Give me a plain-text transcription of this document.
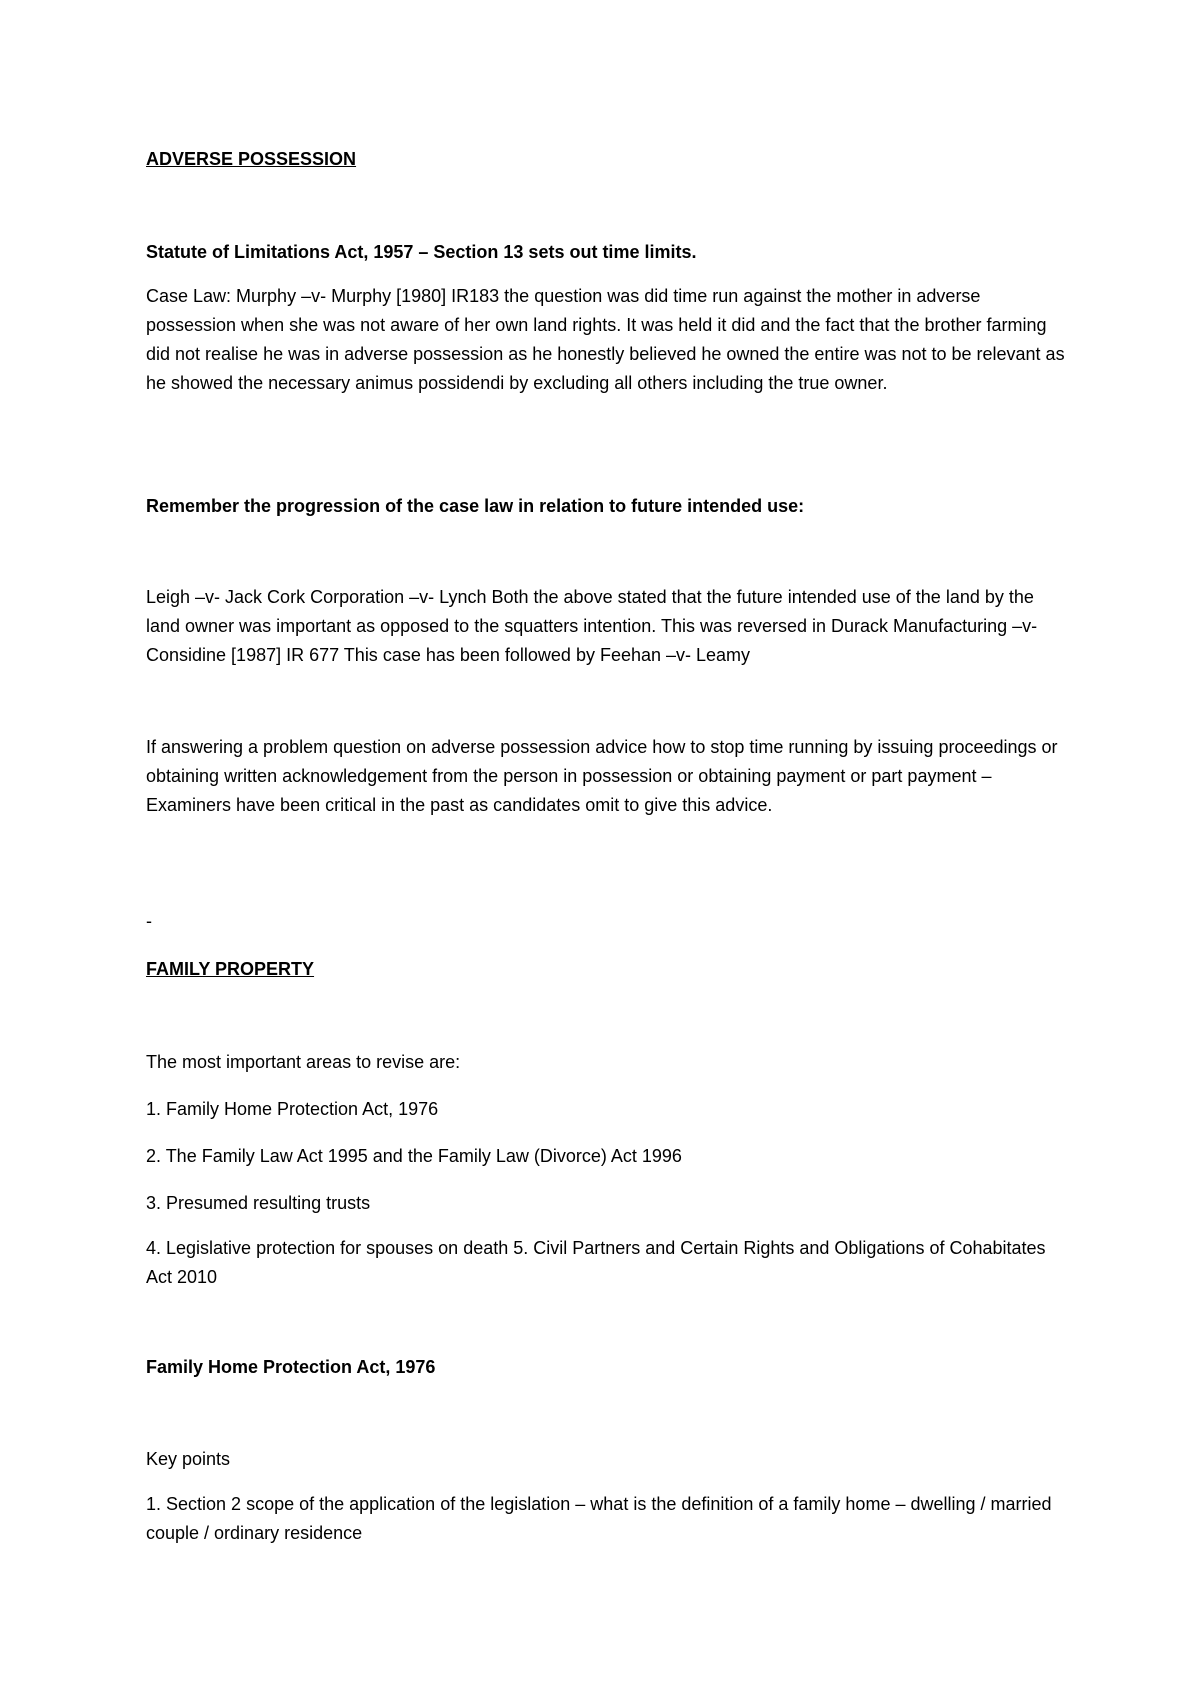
ADVERSE POSSESSION

Statute of Limitations Act, 1957 – Section 13 sets out time limits.

Case Law: Murphy –v- Murphy [1980] IR183 the question was did time run against the mother in adverse possession when she was not aware of her own land rights. It was held it did and the fact that the brother farming did not realise he was in adverse possession as he honestly believed he owned the entire was not to be relevant as he showed the necessary animus possidendi by excluding all others including the true owner.

Remember the progression of the case law in relation to future intended use:

Leigh –v- Jack Cork Corporation –v- Lynch Both the above stated that the future intended use of the land by the land owner was important as opposed to the squatters intention. This was reversed in Durack Manufacturing –v- Considine [1987] IR 677 This case has been followed by Feehan –v- Leamy

If answering a problem question on adverse possession advice how to stop time running by issuing proceedings or obtaining written acknowledgement from the person in possession or obtaining payment or part payment – Examiners have been critical in the past as candidates omit to give this advice.

-

FAMILY PROPERTY

The most important areas to revise are:

1. Family Home Protection Act, 1976

2. The Family Law Act 1995 and the Family Law (Divorce) Act 1996

3. Presumed resulting trusts

4. Legislative protection for spouses on death 5. Civil Partners and Certain Rights and Obligations of Cohabitates Act 2010

Family Home Protection Act, 1976

Key points

1. Section 2 scope of the application of the legislation – what is the definition of a family home – dwelling / married couple / ordinary residence
